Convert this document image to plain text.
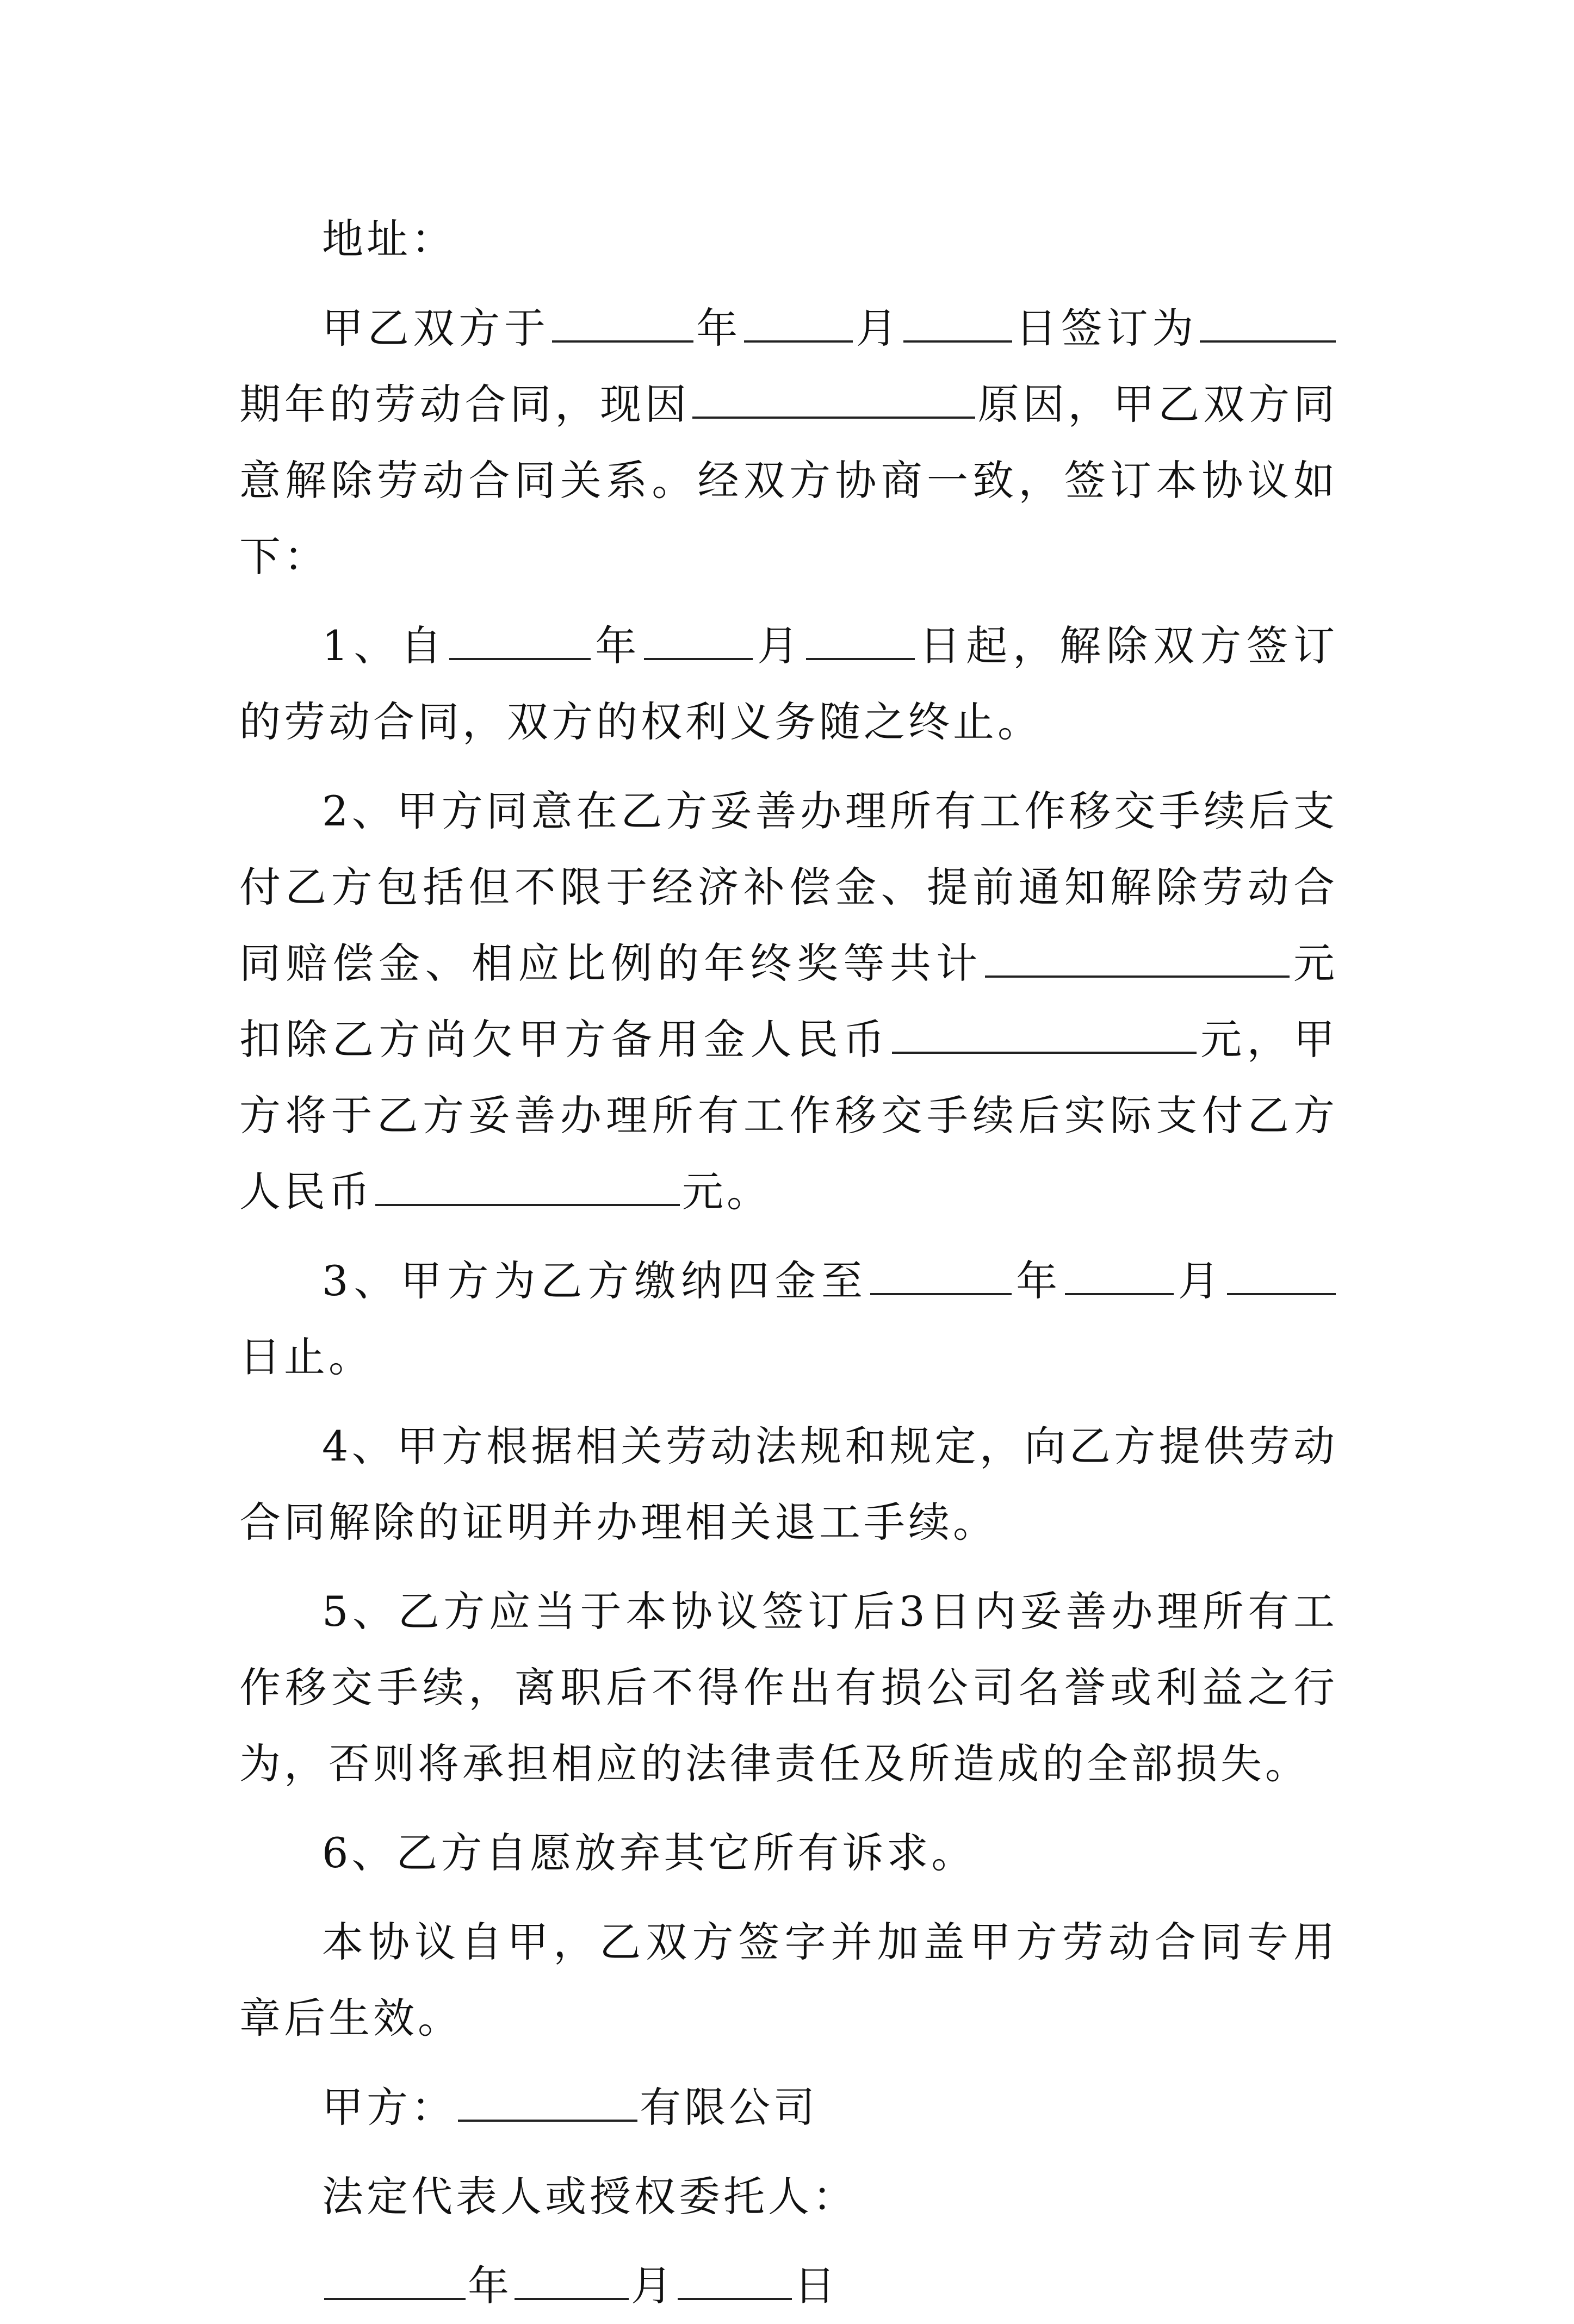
地址：

甲乙双方于	年	月	日签订为期年的劳动合同，现因	原因，甲乙双方同意解除劳动合同关系。经双方协商一致，签订本协议如下：

1、自	年	月	日起，解除双方签订的劳动合同，双方的权利义务随之终止。

2、甲方同意在乙方妥善办理所有工作移交手续后支付乙方包括但不限于经济补偿金、提前通知解除劳动合同赔偿金、相应比例的年终奖等共计	元扣除乙方尚欠甲方备用金人民币	元，甲方将于乙方妥善办理所有工作移交手续后实际支付乙方人民币	元。

3、甲方为乙方缴纳四金至	年	月日止。

4、甲方根据相关劳动法规和规定，向乙方提供劳动合同解除的证明并办理相关退工手续。

5、乙方应当于本协议签订后3日内妥善办理所有工作移交手续，离职后不得作出有损公司名誉或利益之行为，否则将承担相应的法律责任及所造成的全部损失。

6、乙方自愿放弃其它所有诉求。

本协议自甲，乙双方签字并加盖甲方劳动合同专用章后生效。

甲方：	有限公司

法定代表人或授权委托人：

年	月	日
